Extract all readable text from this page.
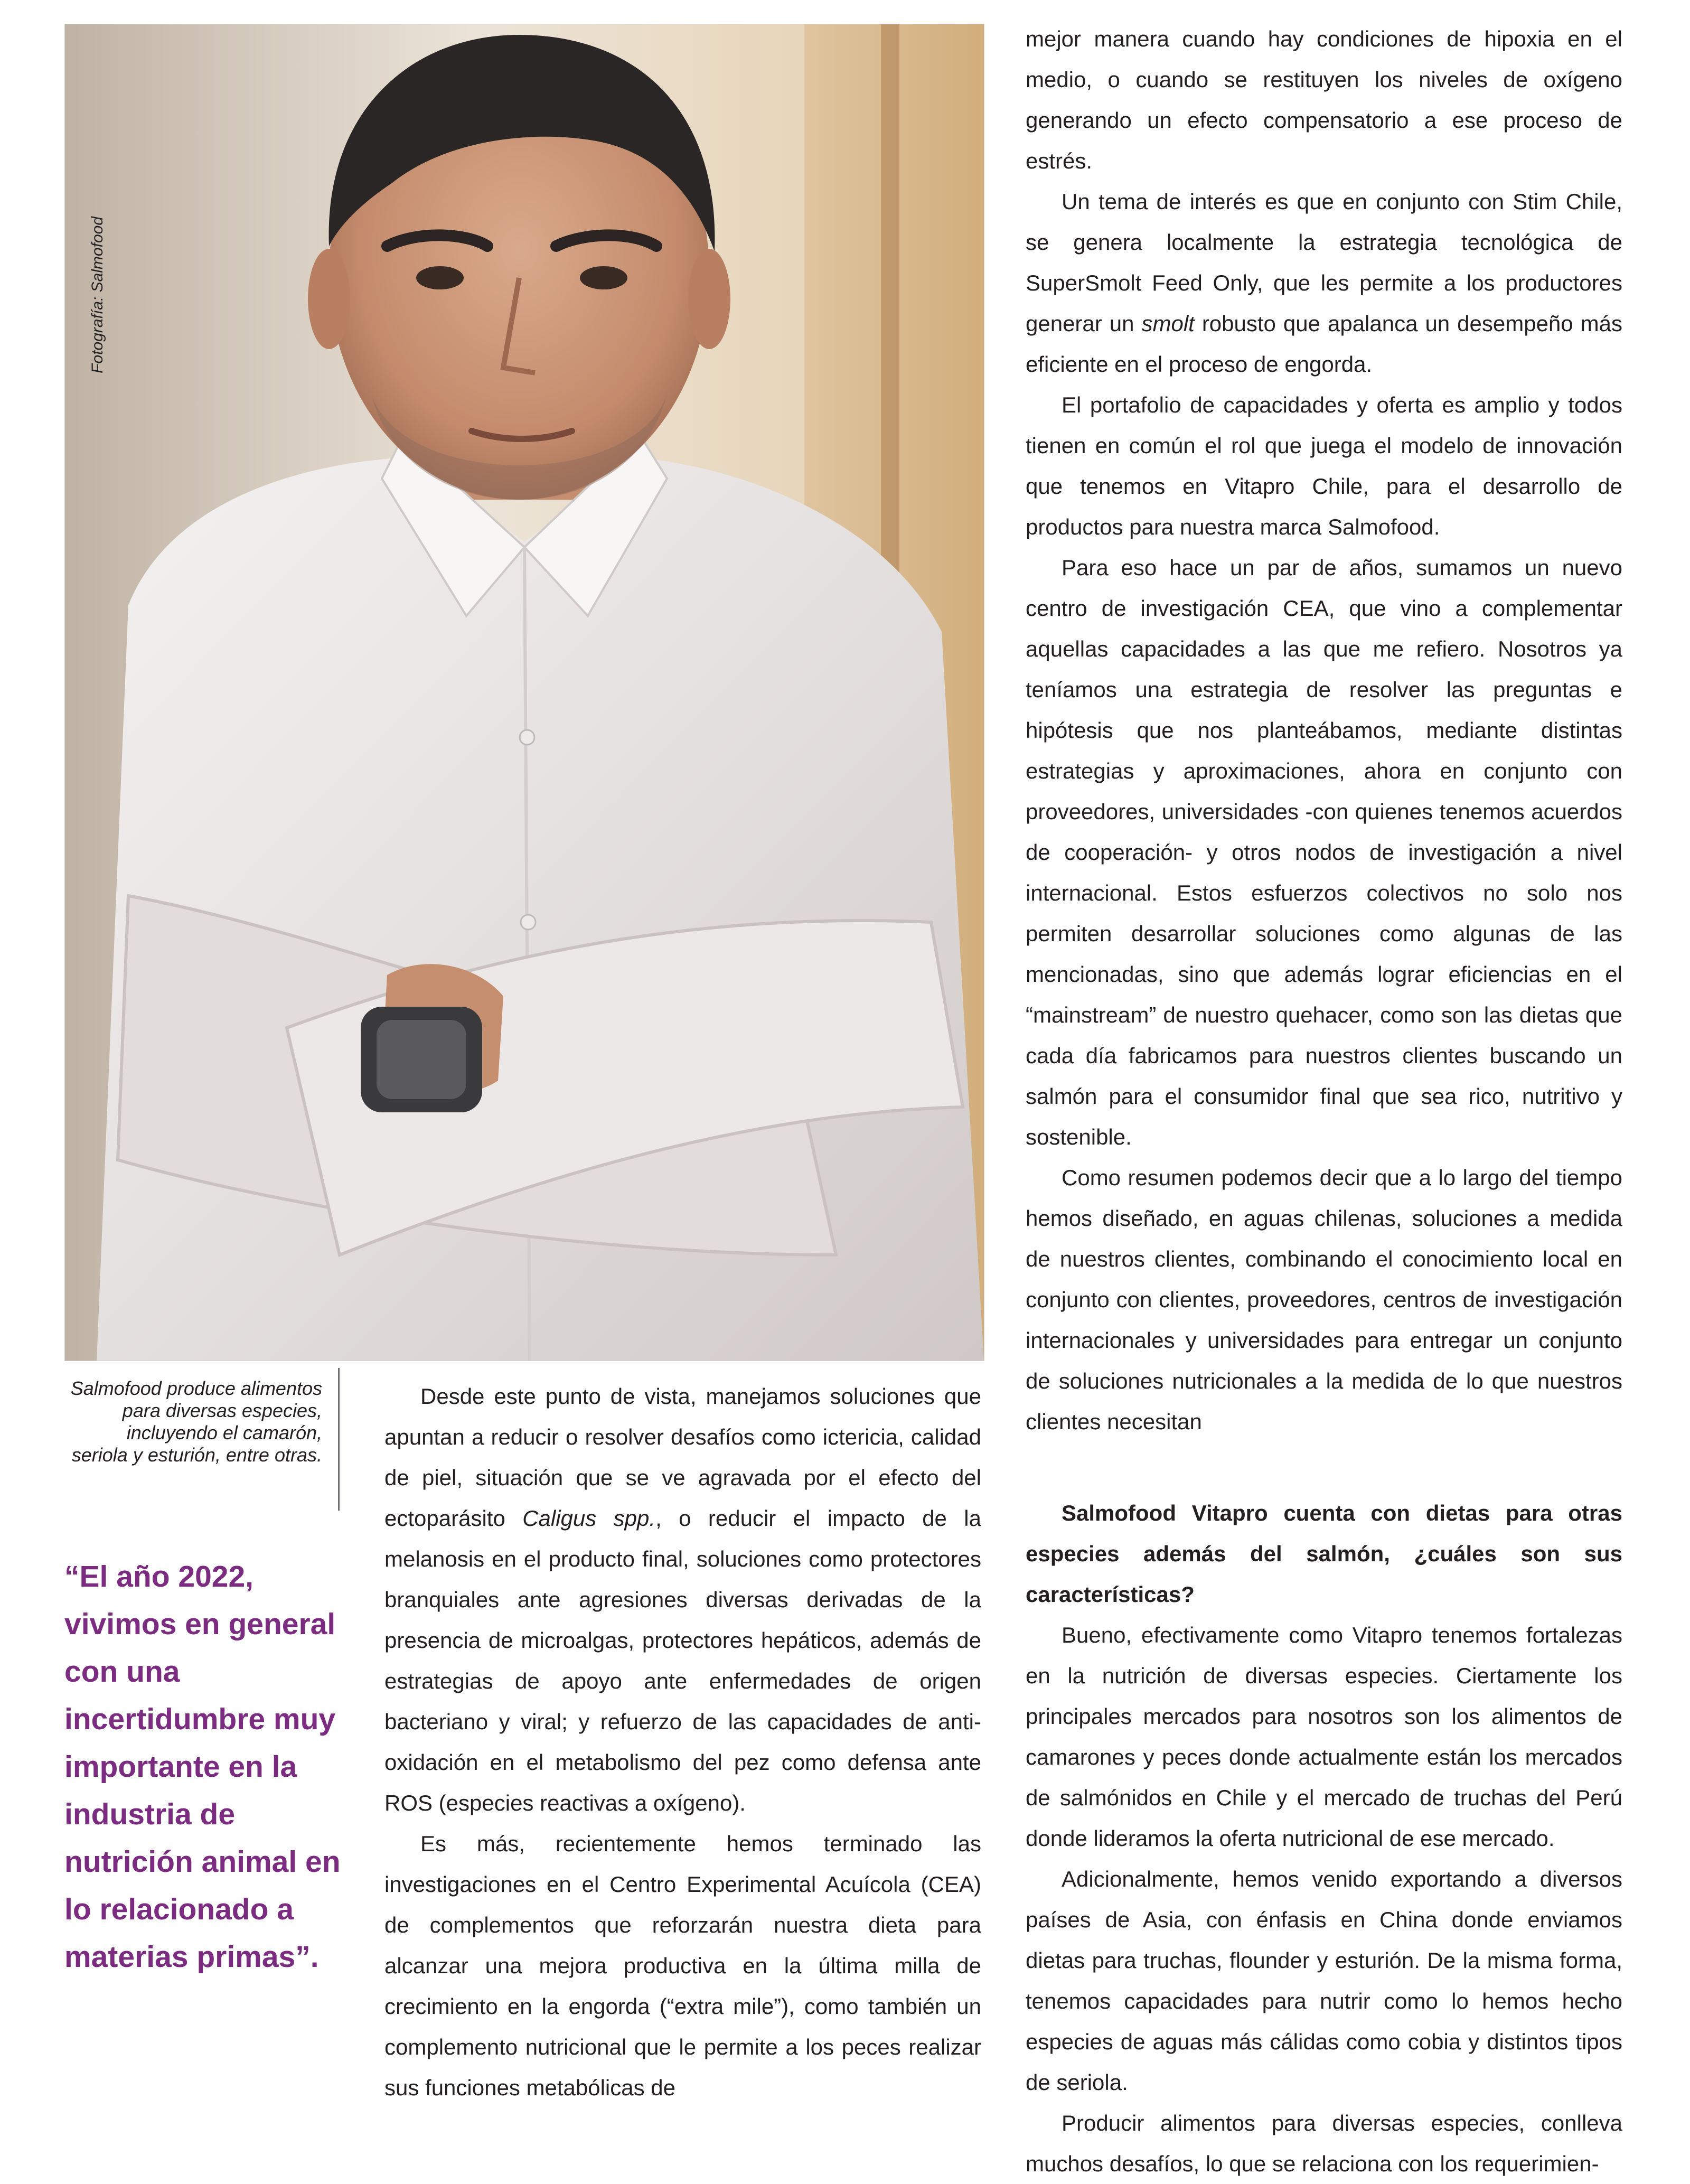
Fotografía: Salmofood
Salmofood produce alimentos para diversas especies, incluyendo el camarón, seriola y esturión, entre otras.
“El año 2022, vivimos en general con una incertidumbre muy importante en la industria de nutrición animal en lo relacionado a materias primas”.

Desde este punto de vista, manejamos soluciones que apuntan a reducir o resolver desafíos como ictericia, calidad de piel, situación que se ve agravada por el efecto del ectoparásito Caligus spp., o reducir el impacto de la melanosis en el producto final, soluciones como protectores branquiales ante agresiones diversas derivadas de la presencia de microalgas, protectores hepáticos, además de estrategias de apoyo ante enfermedades de origen bacteriano y viral; y refuerzo de las capacidades de anti-oxidación en el metabolismo del pez como defensa ante ROS (especies reactivas a oxígeno).

Es más, recientemente hemos terminado las investigaciones en el Centro Experimental Acuícola (CEA) de complementos que reforzarán nuestra dieta para alcanzar una mejora productiva en la última milla de crecimiento en la engorda (“extra mile”), como también un complemento nutricional que le permite a los peces realizar sus funciones metabólicas de

mejor manera cuando hay condiciones de hipoxia en el medio, o cuando se restituyen los niveles de oxígeno generando un efecto compensatorio a ese proceso de estrés.

Un tema de interés es que en conjunto con Stim Chile, se genera localmente la estrategia tecnológica de SuperSmolt Feed Only, que les permite a los productores generar un smolt robusto que apalanca un desempeño más eficiente en el proceso de engorda.

El portafolio de capacidades y oferta es amplio y todos tienen en común el rol que juega el modelo de innovación que tenemos en Vitapro Chile, para el desarrollo de productos para nuestra marca Salmofood.

Para eso hace un par de años, sumamos un nuevo centro de investigación CEA, que vino a complementar aquellas capacidades a las que me refiero. Nosotros ya teníamos una estrategia de resolver las preguntas e hipótesis que nos planteábamos, mediante distintas estrategias y aproximaciones, ahora en conjunto con proveedores, universidades -con quienes tenemos acuerdos de cooperación- y otros nodos de investigación a nivel internacional. Estos esfuerzos colectivos no solo nos permiten desarrollar soluciones como algunas de las mencionadas, sino que además lograr eficiencias en el “mainstream” de nuestro quehacer, como son las dietas que cada día fabricamos para nuestros clientes buscando un salmón para el consumidor final que sea rico, nutritivo y sostenible.

Como resumen podemos decir que a lo largo del tiempo hemos diseñado, en aguas chilenas, soluciones a medida de nuestros clientes, combinando el conocimiento local en conjunto con clientes, proveedores, centros de investigación internacionales y universidades para entregar un conjunto de soluciones nutricionales a la medida de lo que nuestros clientes necesitan

Salmofood Vitapro cuenta con dietas para otras especies además del salmón, ¿cuáles son sus características?

Bueno, efectivamente como Vitapro tenemos fortalezas en la nutrición de diversas especies. Ciertamente los principales mercados para nosotros son los alimentos de camarones y peces donde actualmente están los mercados de salmónidos en Chile y el mercado de truchas del Perú donde lideramos la oferta nutricional de ese mercado.

Adicionalmente, hemos venido exportando a diversos países de Asia, con énfasis en China donde enviamos dietas para truchas, flounder y esturión. De la misma forma, tenemos capacidades para nutrir como lo hemos hecho especies de aguas más cálidas como cobia y distintos tipos de seriola.

Producir alimentos para diversas especies, conlleva muchos desafíos, lo que se relaciona con los requerimien-
